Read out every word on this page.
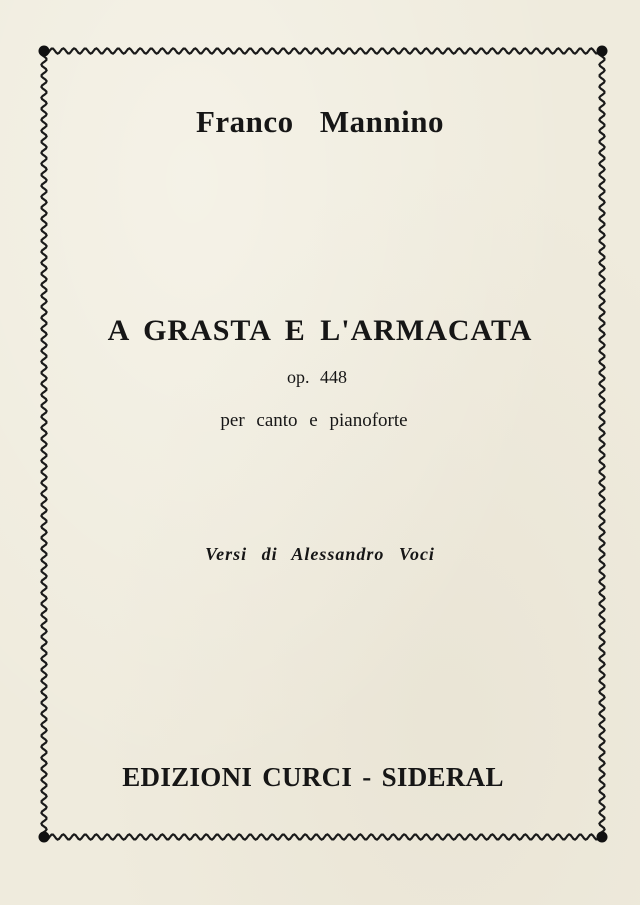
Franco Mannino
A GRASTA E L'ARMACATA
op. 448
per canto e pianoforte
Versi di Alessandro Voci
EDIZIONI CURCI - SIDERAL
